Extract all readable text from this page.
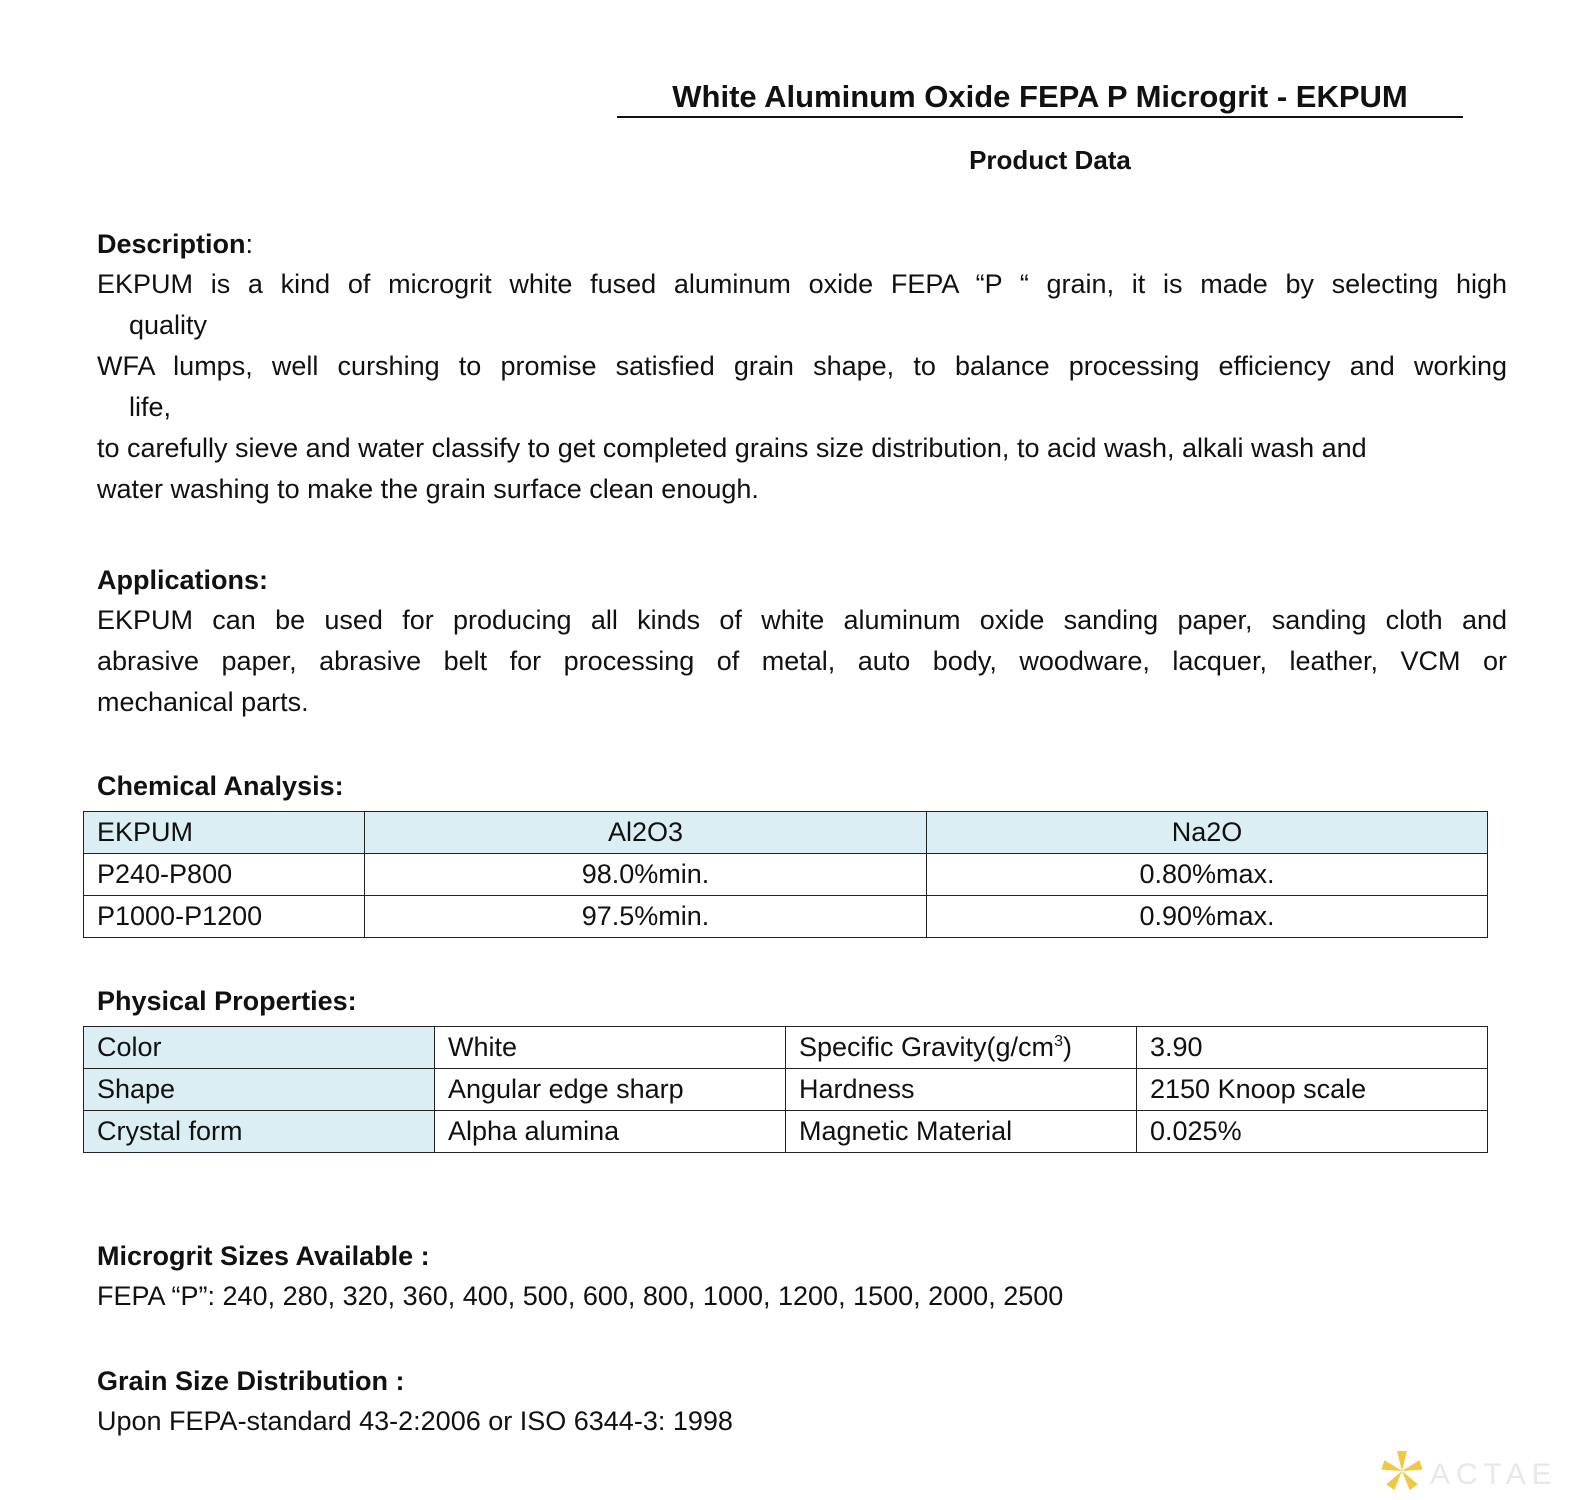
White Aluminum Oxide FEPA P Microgrit - EKPUM
Product Data
Description:
EKPUM is a kind of microgrit white fused aluminum oxide FEPA “P “ grain, it is made by selecting high
quality
WFA lumps, well curshing to promise satisfied grain shape, to balance processing efficiency and working
life,
to carefully sieve and water classify to get completed grains size distribution, to acid wash, alkali wash and
water washing to make the grain surface clean enough.
Applications:
EKPUM can be used for producing all kinds of white aluminum oxide sanding paper, sanding cloth and
abrasive paper, abrasive belt for processing of metal, auto body, woodware, lacquer, leather, VCM or
mechanical parts.
Chemical Analysis:
EKPUM	Al2O3	Na2O
P240-P800	98.0%min.	0.80%max.
P1000-P1200	97.5%min.	0.90%max.
Physical Properties:
Color	White	Specific $Gravity(g/cm^3)$	3.90
Shape	Angular edge sharp	Hardness	2150 Knoop scale
Crystal form	Alpha alumina	Magnetic Material	0.025%
Microgrit Sizes Available :
FEPA “P”: 240, 280, 320, 360, 400, 500, 600, 800, 1000, 1200, 1500, 2000, 2500
Grain Size Distribution :
Upon FEPA-standard 43-2:2006 or ISO 6344-3: 1998
ACTAE
